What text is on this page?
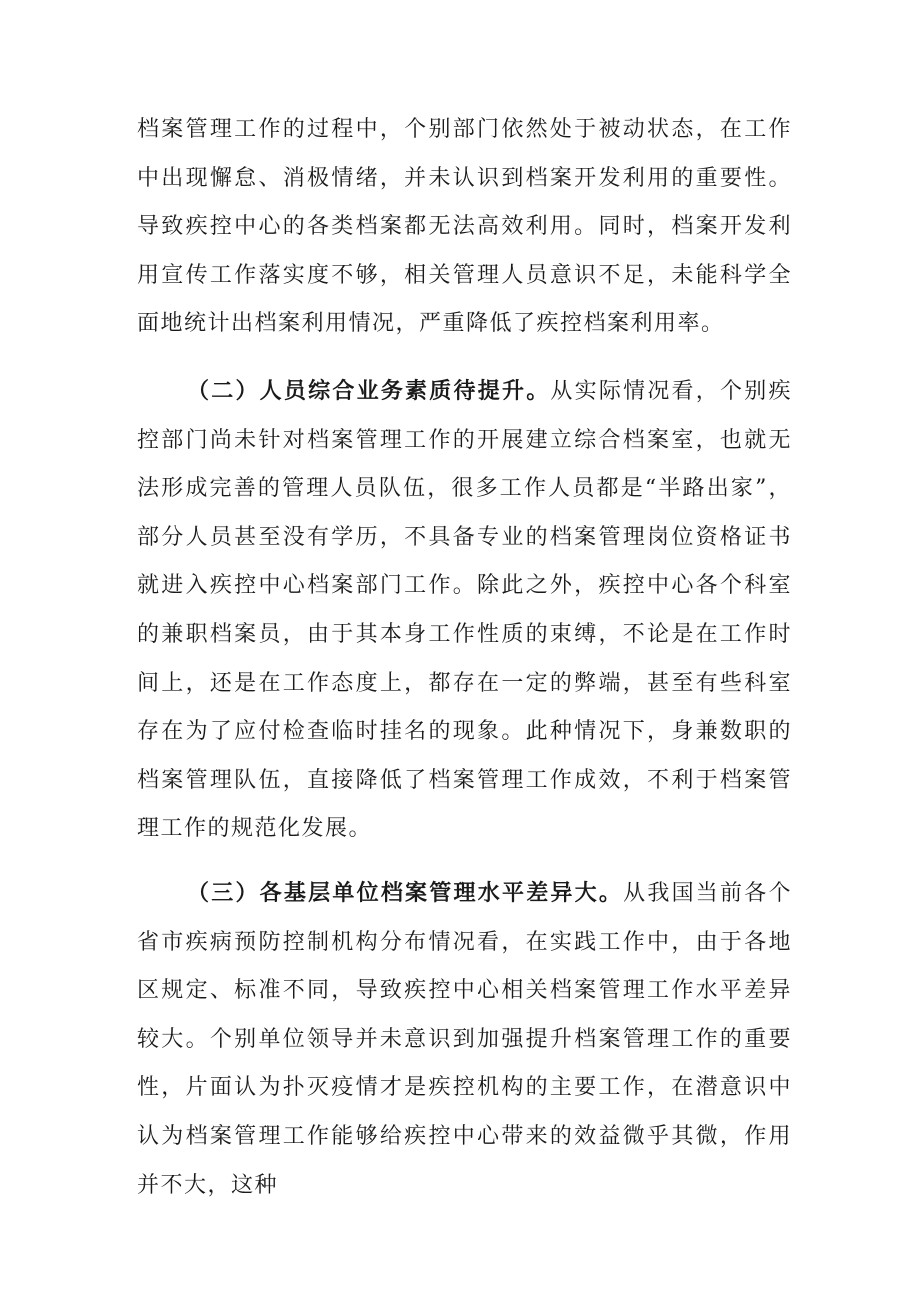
档案管理工作的过程中，个别部门依然处于被动状态，在工作中出现懈怠、消极情绪，并未认识到档案开发利用的重要性。导致疾控中心的各类档案都无法高效利用。同时，档案开发利用宣传工作落实度不够，相关管理人员意识不足，未能科学全面地统计出档案利用情况，严重降低了疾控档案利用率。

（二）人员综合业务素质待提升。从实际情况看，个别疾控部门尚未针对档案管理工作的开展建立综合档案室，也就无法形成完善的管理人员队伍，很多工作人员都是“半路出家”，部分人员甚至没有学历，不具备专业的档案管理岗位资格证书就进入疾控中心档案部门工作。除此之外，疾控中心各个科室的兼职档案员，由于其本身工作性质的束缚，不论是在工作时间上，还是在工作态度上，都存在一定的弊端，甚至有些科室存在为了应付检查临时挂名的现象。此种情况下，身兼数职的档案管理队伍，直接降低了档案管理工作成效，不利于档案管理工作的规范化发展。

（三）各基层单位档案管理水平差异大。从我国当前各个省市疾病预防控制机构分布情况看，在实践工作中，由于各地区规定、标准不同，导致疾控中心相关档案管理工作水平差异较大。个别单位领导并未意识到加强提升档案管理工作的重要性，片面认为扑灭疫情才是疾控机构的主要工作，在潜意识中认为档案管理工作能够给疾控中心带来的效益微乎其微，作用并不大，这种
